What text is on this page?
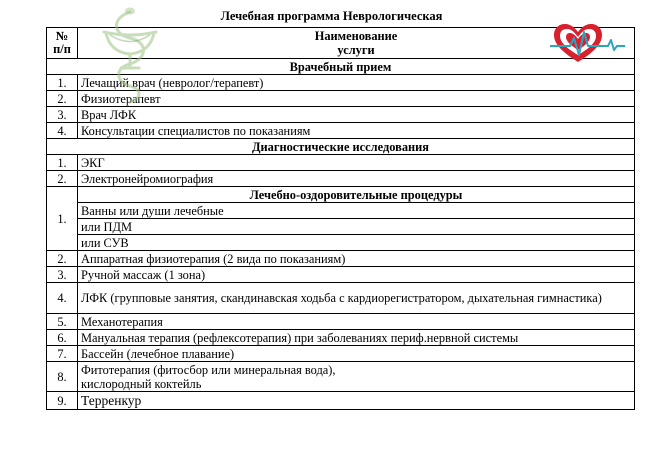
Лечебная программа Неврологическая
№ п/п	Наименование
услуги
Врачебный прием	
1.	Лечащий врач (невролог/терапевт)
2.	Физиотерапевт
3.	Врач ЛФК
4.	Консультации специалистов по показаниям
Диагностические исследования	
1.	ЭКГ
2.	Электронейромиография
1.	Лечебно-оздоровительные процедуры
	Ванны или души лечебные
	или ПДМ
	или СУВ
2.	Аппаратная физиотерапия (2 вида по показаниям)
3.	Ручной массаж (1 зона)
4.	ЛФК (групповые занятия, скандинавская ходьба с кардиорегистратором, дыхательная гимнастика)
5.	Механотерапия
6.	Мануальная терапия (рефлексотерапия) при заболеваниях периф.нервной системы
7.	Бассейн (лечебное плавание)
8.	Фитотерапия (фитосбор или минеральная вода),
кислородный коктейль
9.	Терренкур
